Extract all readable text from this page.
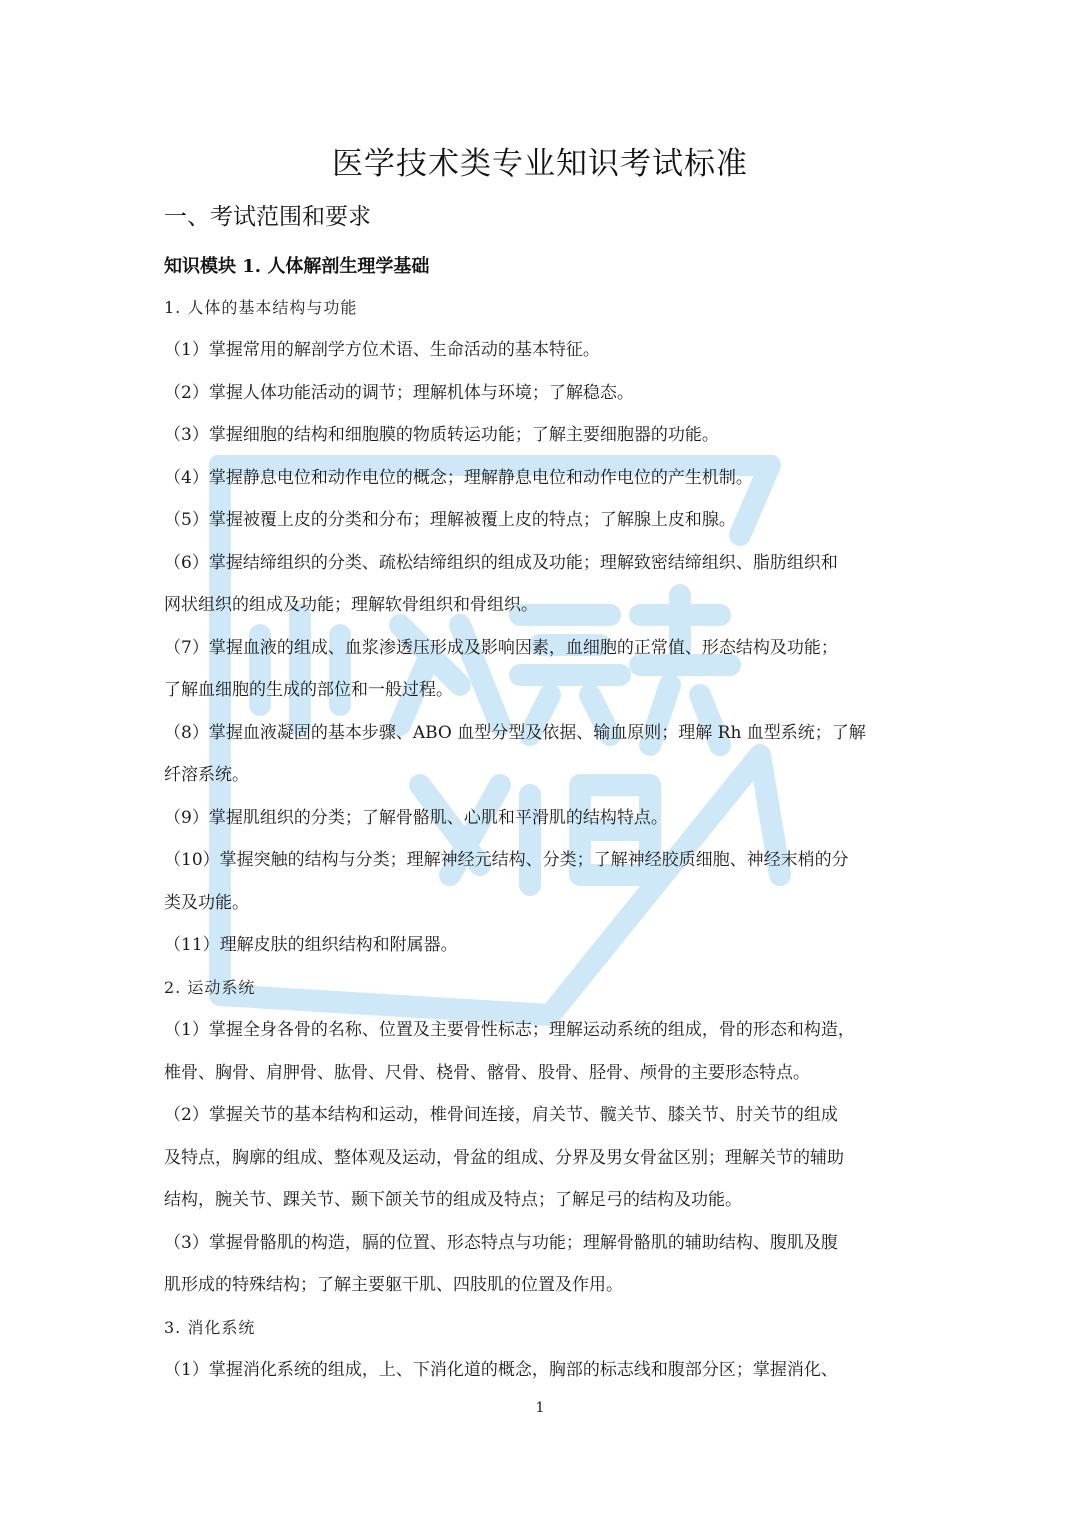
医学技术类专业知识考试标准
一、考试范围和要求
知识模块 1. 人体解剖生理学基础
1. 人体的基本结构与功能
（1）掌握常用的解剖学方位术语、生命活动的基本特征。
（2）掌握人体功能活动的调节；理解机体与环境；了解稳态。
（3）掌握细胞的结构和细胞膜的物质转运功能；了解主要细胞器的功能。
（4）掌握静息电位和动作电位的概念；理解静息电位和动作电位的产生机制。
（5）掌握被覆上皮的分类和分布；理解被覆上皮的特点；了解腺上皮和腺。
（6）掌握结缔组织的分类、疏松结缔组织的组成及功能；理解致密结缔组织、脂肪组织和
网状组织的组成及功能；理解软骨组织和骨组织。
（7）掌握血液的组成、血浆渗透压形成及影响因素，血细胞的正常值、形态结构及功能；
了解血细胞的生成的部位和一般过程。
（8）掌握血液凝固的基本步骤、ABO 血型分型及依据、输血原则；理解 Rh 血型系统；了解
纤溶系统。
（9）掌握肌组织的分类；了解骨骼肌、心肌和平滑肌的结构特点。
（10）掌握突触的结构与分类；理解神经元结构、分类；了解神经胶质细胞、神经末梢的分
类及功能。
（11）理解皮肤的组织结构和附属器。
2. 运动系统
（1）掌握全身各骨的名称、位置及主要骨性标志；理解运动系统的组成，骨的形态和构造，
椎骨、胸骨、肩胛骨、肱骨、尺骨、桡骨、髂骨、股骨、胫骨、颅骨的主要形态特点。
（2）掌握关节的基本结构和运动，椎骨间连接，肩关节、髋关节、膝关节、肘关节的组成
及特点，胸廓的组成、整体观及运动，骨盆的组成、分界及男女骨盆区别；理解关节的辅助
结构，腕关节、踝关节、颞下颌关节的组成及特点；了解足弓的结构及功能。
（3）掌握骨骼肌的构造，膈的位置、形态特点与功能；理解骨骼肌的辅助结构、腹肌及腹
肌形成的特殊结构；了解主要躯干肌、四肢肌的位置及作用。
3. 消化系统
（1）掌握消化系统的组成，上、下消化道的概念，胸部的标志线和腹部分区；掌握消化、
1
